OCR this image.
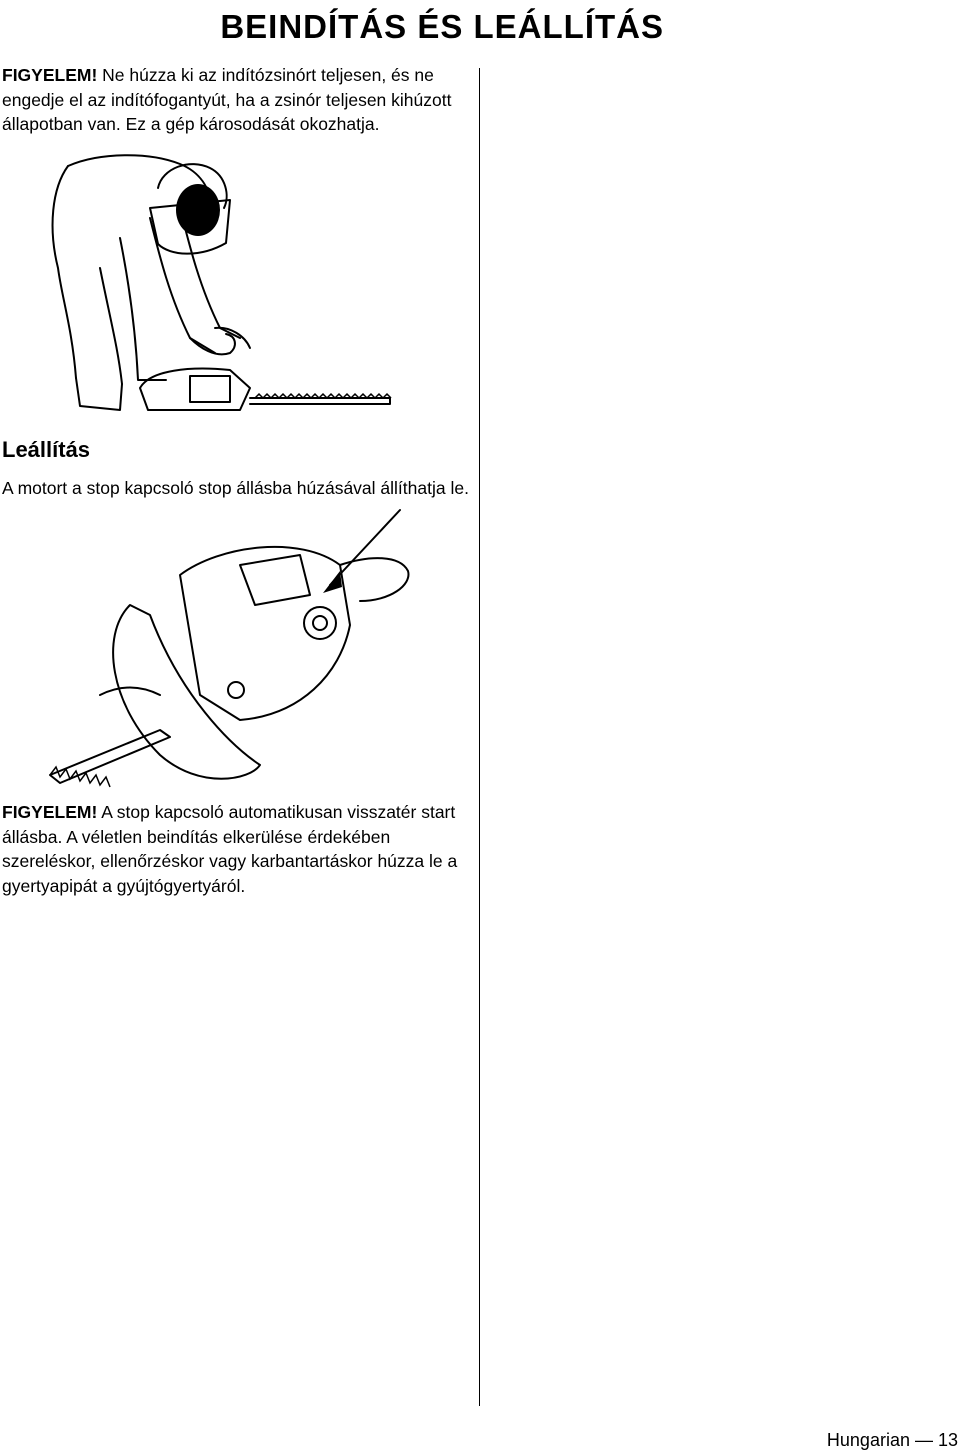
BEINDÍTÁS ÉS LEÁLLÍTÁS

FIGYELEM! Ne húzza ki az indítózsinórt teljesen, és ne engedje el az indítófogantyút, ha a zsinór teljesen kihúzott állapotban van. Ez a gép károsodását okozhatja.

Leállítás

A motort a stop kapcsoló stop állásba húzásával állíthatja le.

FIGYELEM! A stop kapcsoló automatikusan visszatér start állásba. A véletlen beindítás elkerülése érdekében szereléskor, ellenőrzéskor vagy karbantartáskor húzza le a gyertyapipát a gyújtógyertyáról.

Hungarian — 13
